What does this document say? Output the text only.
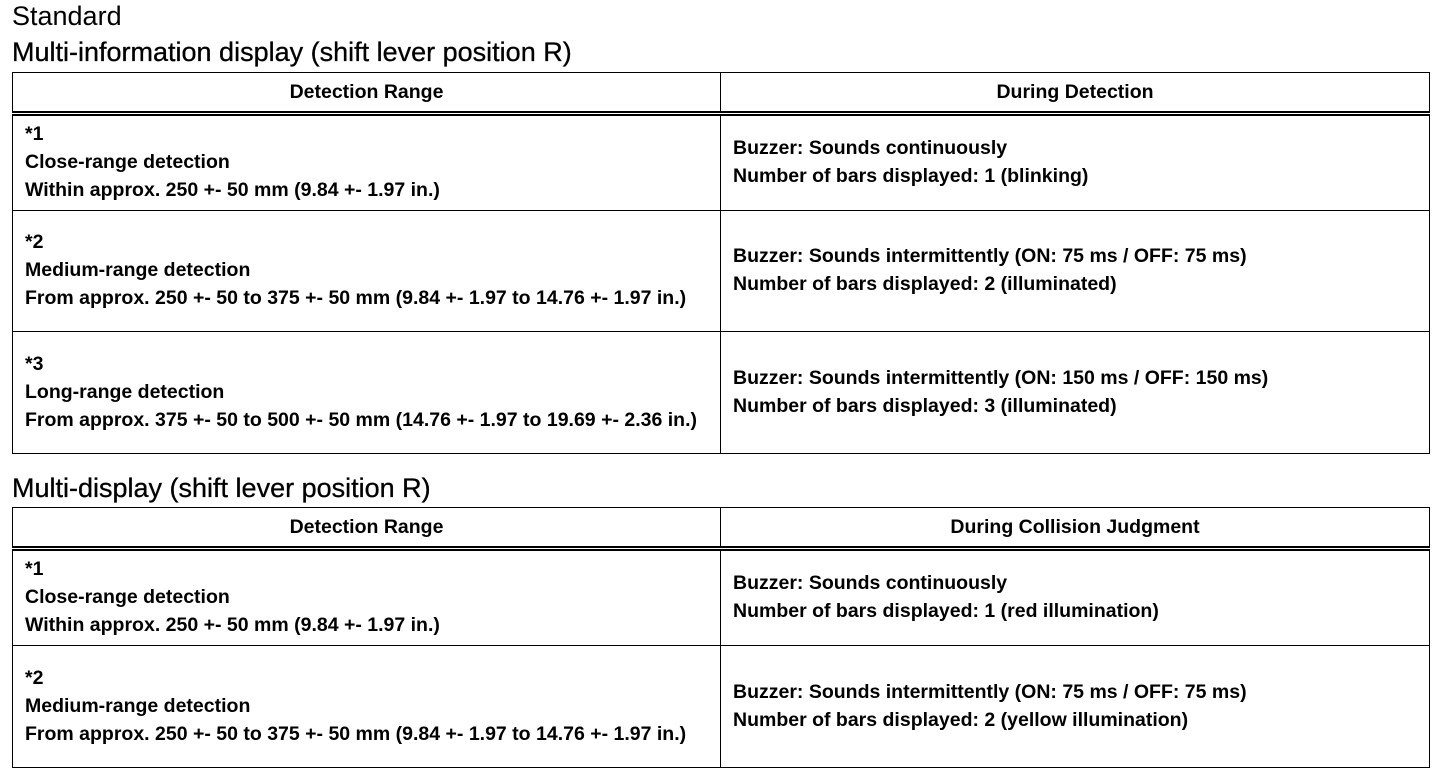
Standard
Multi-information display (shift lever position R)
Detection Range	During Detection

*1
Close-range detection
Within approx. 250 +- 50 mm (9.84 +- 1.97 in.)	Buzzer: Sounds continuously
Number of bars displayed: 1 (blinking)

*2
Medium-range detection
From approx. 250 +- 50 to 375 +- 50 mm (9.84 +- 1.97 to 14.76 +- 1.97 in.)	Buzzer: Sounds intermittently (ON: 75 ms / OFF: 75 ms)
Number of bars displayed: 2 (illuminated)

*3
Long-range detection
From approx. 375 +- 50 to 500 +- 50 mm (14.76 +- 1.97 to 19.69 +- 2.36 in.)	Buzzer: Sounds intermittently (ON: 150 ms / OFF: 150 ms)
Number of bars displayed: 3 (illuminated)
Multi-display (shift lever position R)
Detection Range	During Collision Judgment

*1
Close-range detection
Within approx. 250 +- 50 mm (9.84 +- 1.97 in.)	Buzzer: Sounds continuously
Number of bars displayed: 1 (red illumination)

*2
Medium-range detection
From approx. 250 +- 50 to 375 +- 50 mm (9.84 +- 1.97 to 14.76 +- 1.97 in.)	Buzzer: Sounds intermittently (ON: 75 ms / OFF: 75 ms)
Number of bars displayed: 2 (yellow illumination)
